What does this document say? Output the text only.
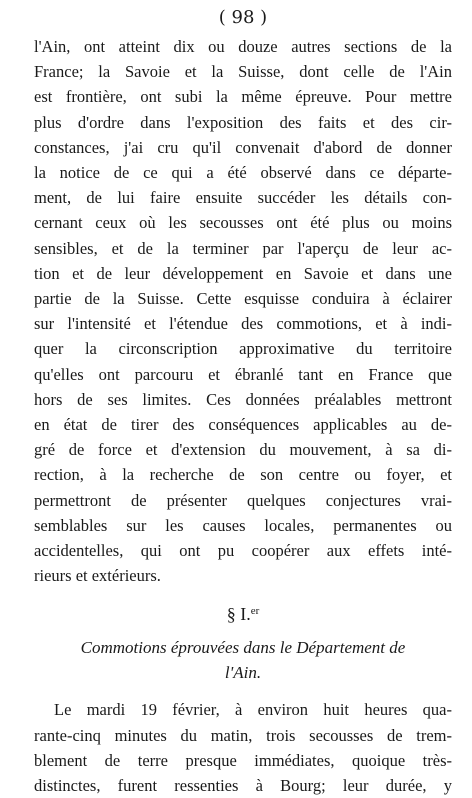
( 98 )

l'Ain, ont atteint dix ou douze autres sections de la
France; la Savoie et la Suisse, dont celle de l'Ain
est frontière, ont subi la même épreuve. Pour mettre
plus d'ordre dans l'exposition des faits et des cir-
constances, j'ai cru qu'il convenait d'abord de donner
la notice de ce qui a été observé dans ce départe-
ment, de lui faire ensuite succéder les détails con-
cernant ceux où les secousses ont été plus ou moins
sensibles, et de la terminer par l'aperçu de leur ac-
tion et de leur développement en Savoie et dans une
partie de la Suisse. Cette esquisse conduira à éclairer
sur l'intensité et l'étendue des commotions, et à indi-
quer la circonscription approximative du territoire
qu'elles ont parcouru et ébranlé tant en France que
hors de ses limites. Ces données préalables mettront
en état de tirer des conséquences applicables au de-
gré de force et d'extension du mouvement, à sa di-
rection, à la recherche de son centre ou foyer, et
permettront de présenter quelques conjectures vrai-
semblables sur les causes locales, permanentes ou
accidentelles, qui ont pu coopérer aux effets inté-
rieurs et extérieurs.

§ I.$^{er}$
Commotions éprouvées dans le Département de
l'Ain.

Le mardi 19 février, à environ huit heures qua-
rante-cinq minutes du matin, trois secousses de trem-
blement de terre presque immédiates, quoique très-
distinctes, furent ressenties à Bourg; leur durée, y
